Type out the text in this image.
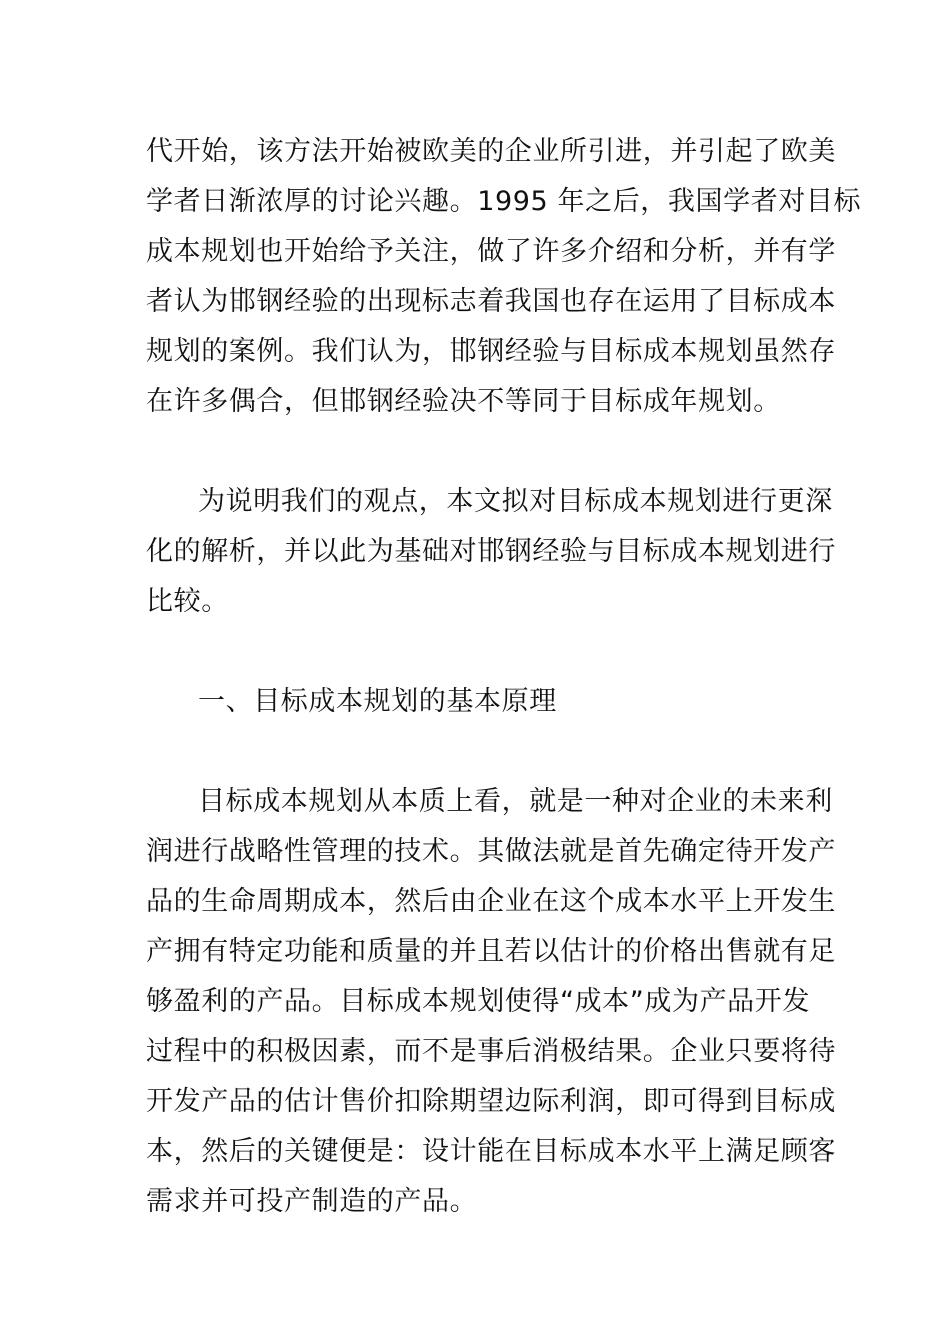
代开始，该方法开始被欧美的企业所引进，并引起了欧美
学者日渐浓厚的讨论兴趣。1995 年之后，我国学者对目标
成本规划也开始给予关注，做了许多介绍和分析，并有学
者认为邯钢经验的出现标志着我国也存在运用了目标成本
规划的案例。我们认为，邯钢经验与目标成本规划虽然存
在许多偶合，但邯钢经验决不等同于目标成年规划。
为说明我们的观点，本文拟对目标成本规划进行更深
化的解析，并以此为基础对邯钢经验与目标成本规划进行
比较。
一、目标成本规划的基本原理
目标成本规划从本质上看，就是一种对企业的未来利
润进行战略性管理的技术。其做法就是首先确定待开发产
品的生命周期成本，然后由企业在这个成本水平上开发生
产拥有特定功能和质量的并且若以估计的价格出售就有足
够盈利的产品。目标成本规划使得“成本”成为产品开发
过程中的积极因素，而不是事后消极结果。企业只要将待
开发产品的估计售价扣除期望边际利润，即可得到目标成
本，然后的关键便是：设计能在目标成本水平上满足顾客
需求并可投产制造的产品。
